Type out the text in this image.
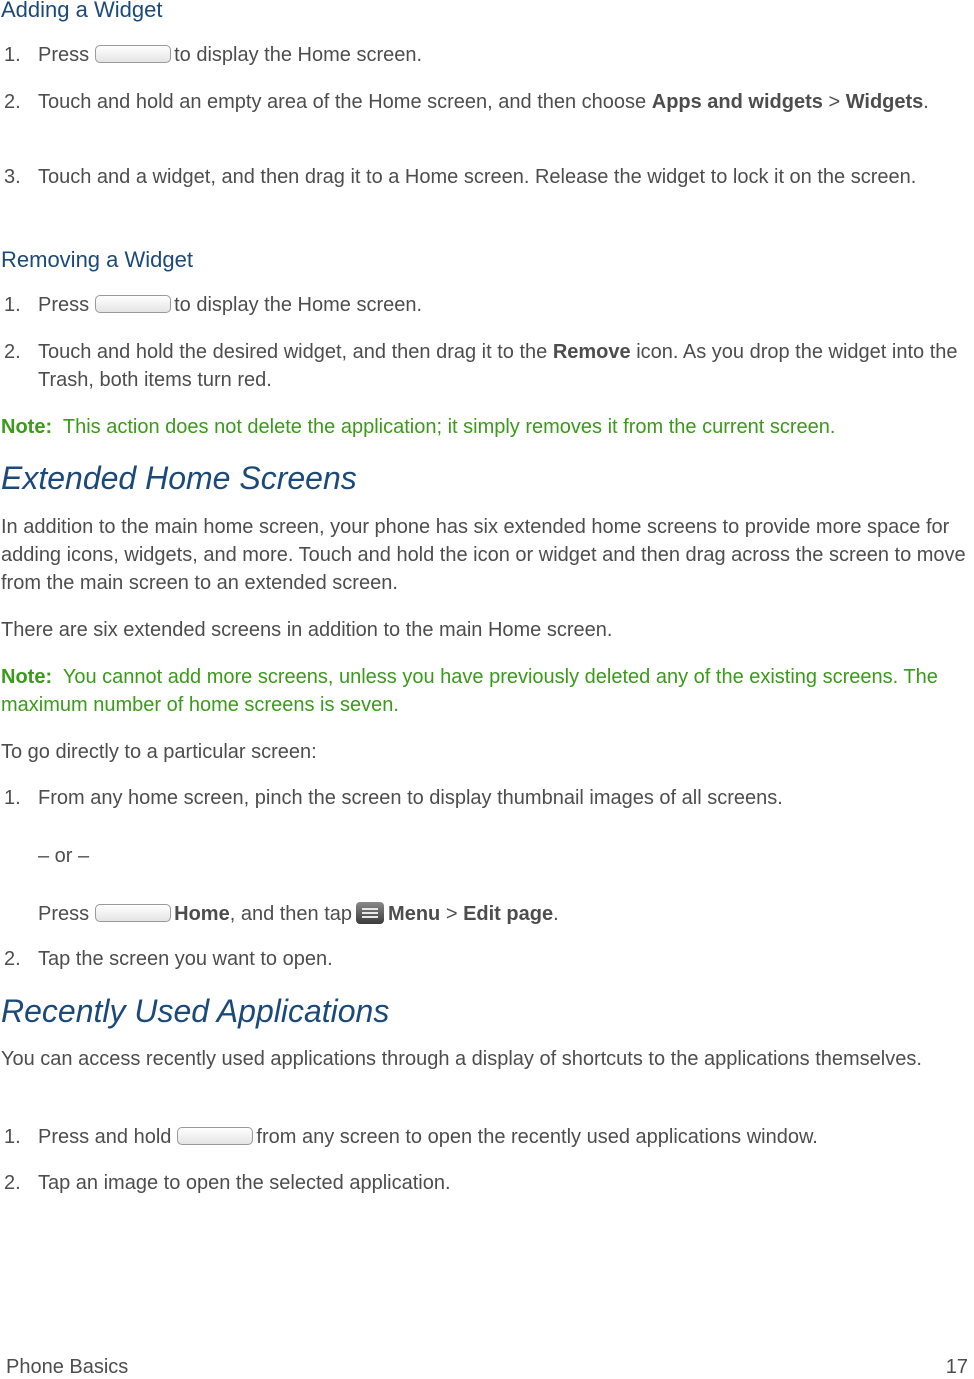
Adding a Widget
1. Press	to display the Home screen.
2. Touch and hold an empty area of the Home screen, and then choose Apps and widgets > Widgets.
3. Touch and a widget, and then drag it to a Home screen. Release the widget to lock it on the screen.
Removing a Widget
1. Press	to display the Home screen.
2. Touch and hold the desired widget, and then drag it to the Remove icon. As you drop the widget into the Trash, both items turn red.

Note: This action does not delete the application; it simply removes it from the current screen.

Extended Home Screens

In addition to the main home screen, your phone has six extended home screens to provide more space for adding icons, widgets, and more. Touch and hold the icon or widget and then drag across the screen to move from the main screen to an extended screen.

There are six extended screens in addition to the main Home screen.

Note: You cannot add more screens, unless you have previously deleted any of the existing screens. The maximum number of home screens is seven.

To go directly to a particular screen:

1. From any home screen, pinch the screen to display thumbnail images of all screens.
– or –
Press	Home, and then tap Menu > Edit page.
2. Tap the screen you want to open.
Recently Used Applications

You can access recently used applications through a display of shortcuts to the applications themselves.

1. Press and hold	from any screen to open the recently used applications window.
2. Tap an image to open the selected application.
Phone Basics	17
